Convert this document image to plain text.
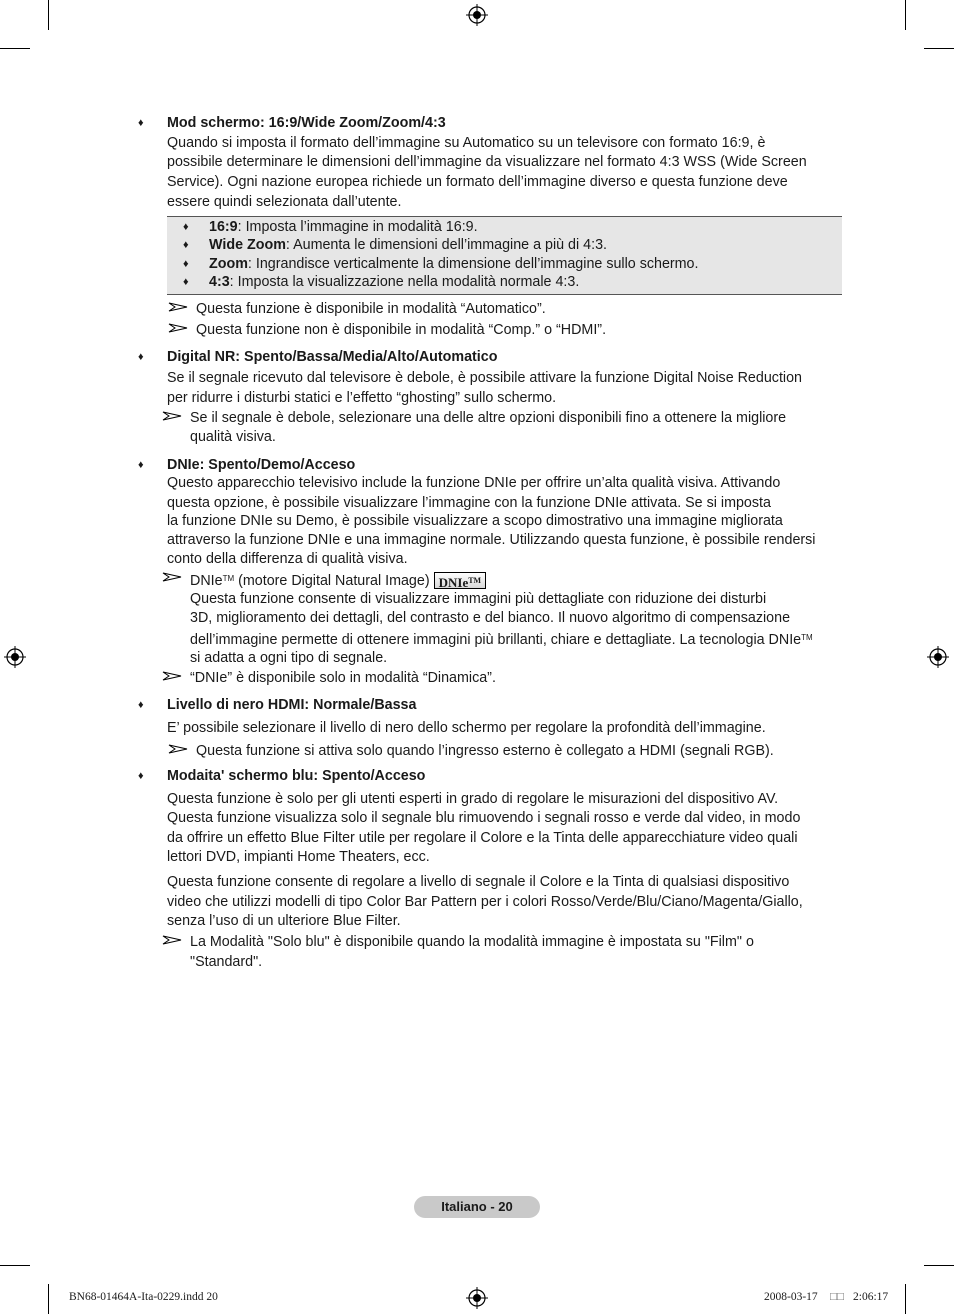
♦ Mod schermo: 16:9/Wide Zoom/Zoom/4:3
Quando si imposta il formato dell’immagine su Automatico su un televisore con formato 16:9, è
possibile determinare le dimensioni dell’immagine da visualizzare nel formato 4:3 WSS (Wide Screen
Service). Ogni nazione europea richiede un formato dell’immagine diverso e questa funzione deve
essere quindi selezionata dall’utente.
♦ 16:9: Imposta l’immagine in modalità 16:9.
♦ Wide Zoom: Aumenta le dimensioni dell’immagine a più di 4:3.
♦ Zoom: Ingrandisce verticalmente la dimensione dell’immagine sullo schermo.
♦ 4:3: Imposta la visualizzazione nella modalità normale 4:3.
Questa funzione è disponibile in modalità “Automatico”.
Questa funzione non è disponibile in modalità “Comp.” o “HDMI”.
♦ Digital NR: Spento/Bassa/Media/Alto/Automatico
Se il segnale ricevuto dal televisore è debole, è possibile attivare la funzione Digital Noise Reduction
per ridurre i disturbi statici e l’effetto “ghosting” sullo schermo.
Se il segnale è debole, selezionare una delle altre opzioni disponibili fino a ottenere la migliore
qualità visiva.
♦ DNIe: Spento/Demo/Acceso
Questo apparecchio televisivo include la funzione DNIe per offrire un’alta qualità visiva. Attivando
questa opzione, è possibile visualizzare l’immagine con la funzione DNIe attivata. Se si imposta
la funzione DNIe su Demo, è possibile visualizzare a scopo dimostrativo una immagine migliorata
attraverso la funzione DNIe e una immagine normale. Utilizzando questa funzione, è possibile rendersi
conto della differenza di qualità visiva.
DNIe™ (motore Digital Natural Image) DNIe™
Questa funzione consente di visualizzare immagini più dettagliate con riduzione dei disturbi
3D, miglioramento dei dettagli, del contrasto e del bianco. Il nuovo algoritmo di compensazione
dell’immagine permette di ottenere immagini più brillanti, chiare e dettagliate. La tecnologia DNIe™
si adatta a ogni tipo di segnale.
“DNIe” è disponibile solo in modalità “Dinamica”.
♦ Livello di nero HDMI: Normale/Bassa
E’ possibile selezionare il livello di nero dello schermo per regolare la profondità dell’immagine.
Questa funzione si attiva solo quando l’ingresso esterno è collegato a HDMI (segnali RGB).
♦ Modaita' schermo blu: Spento/Acceso
Questa funzione è solo per gli utenti esperti in grado di regolare le misurazioni del dispositivo AV.
Questa funzione visualizza solo il segnale blu rimuovendo i segnali rosso e verde dal video, in modo
da offrire un effetto Blue Filter utile per regolare il Colore e la Tinta delle apparecchiature video quali
lettori DVD, impianti Home Theaters, ecc.
Questa funzione consente di regolare a livello di segnale il Colore e la Tinta di qualsiasi dispositivo
video che utilizzi modelli di tipo Color Bar Pattern per i colori Rosso/Verde/Blu/Ciano/Magenta/Giallo,
senza l’uso di un ulteriore Blue Filter.
La Modalità "Solo blu" è disponibile quando la modalità immagine è impostata su "Film" o
"Standard".
Italiano - 20
BN68-01464A-Ita-0229.indd 20	2008-03-17 □□ 2:06:17
